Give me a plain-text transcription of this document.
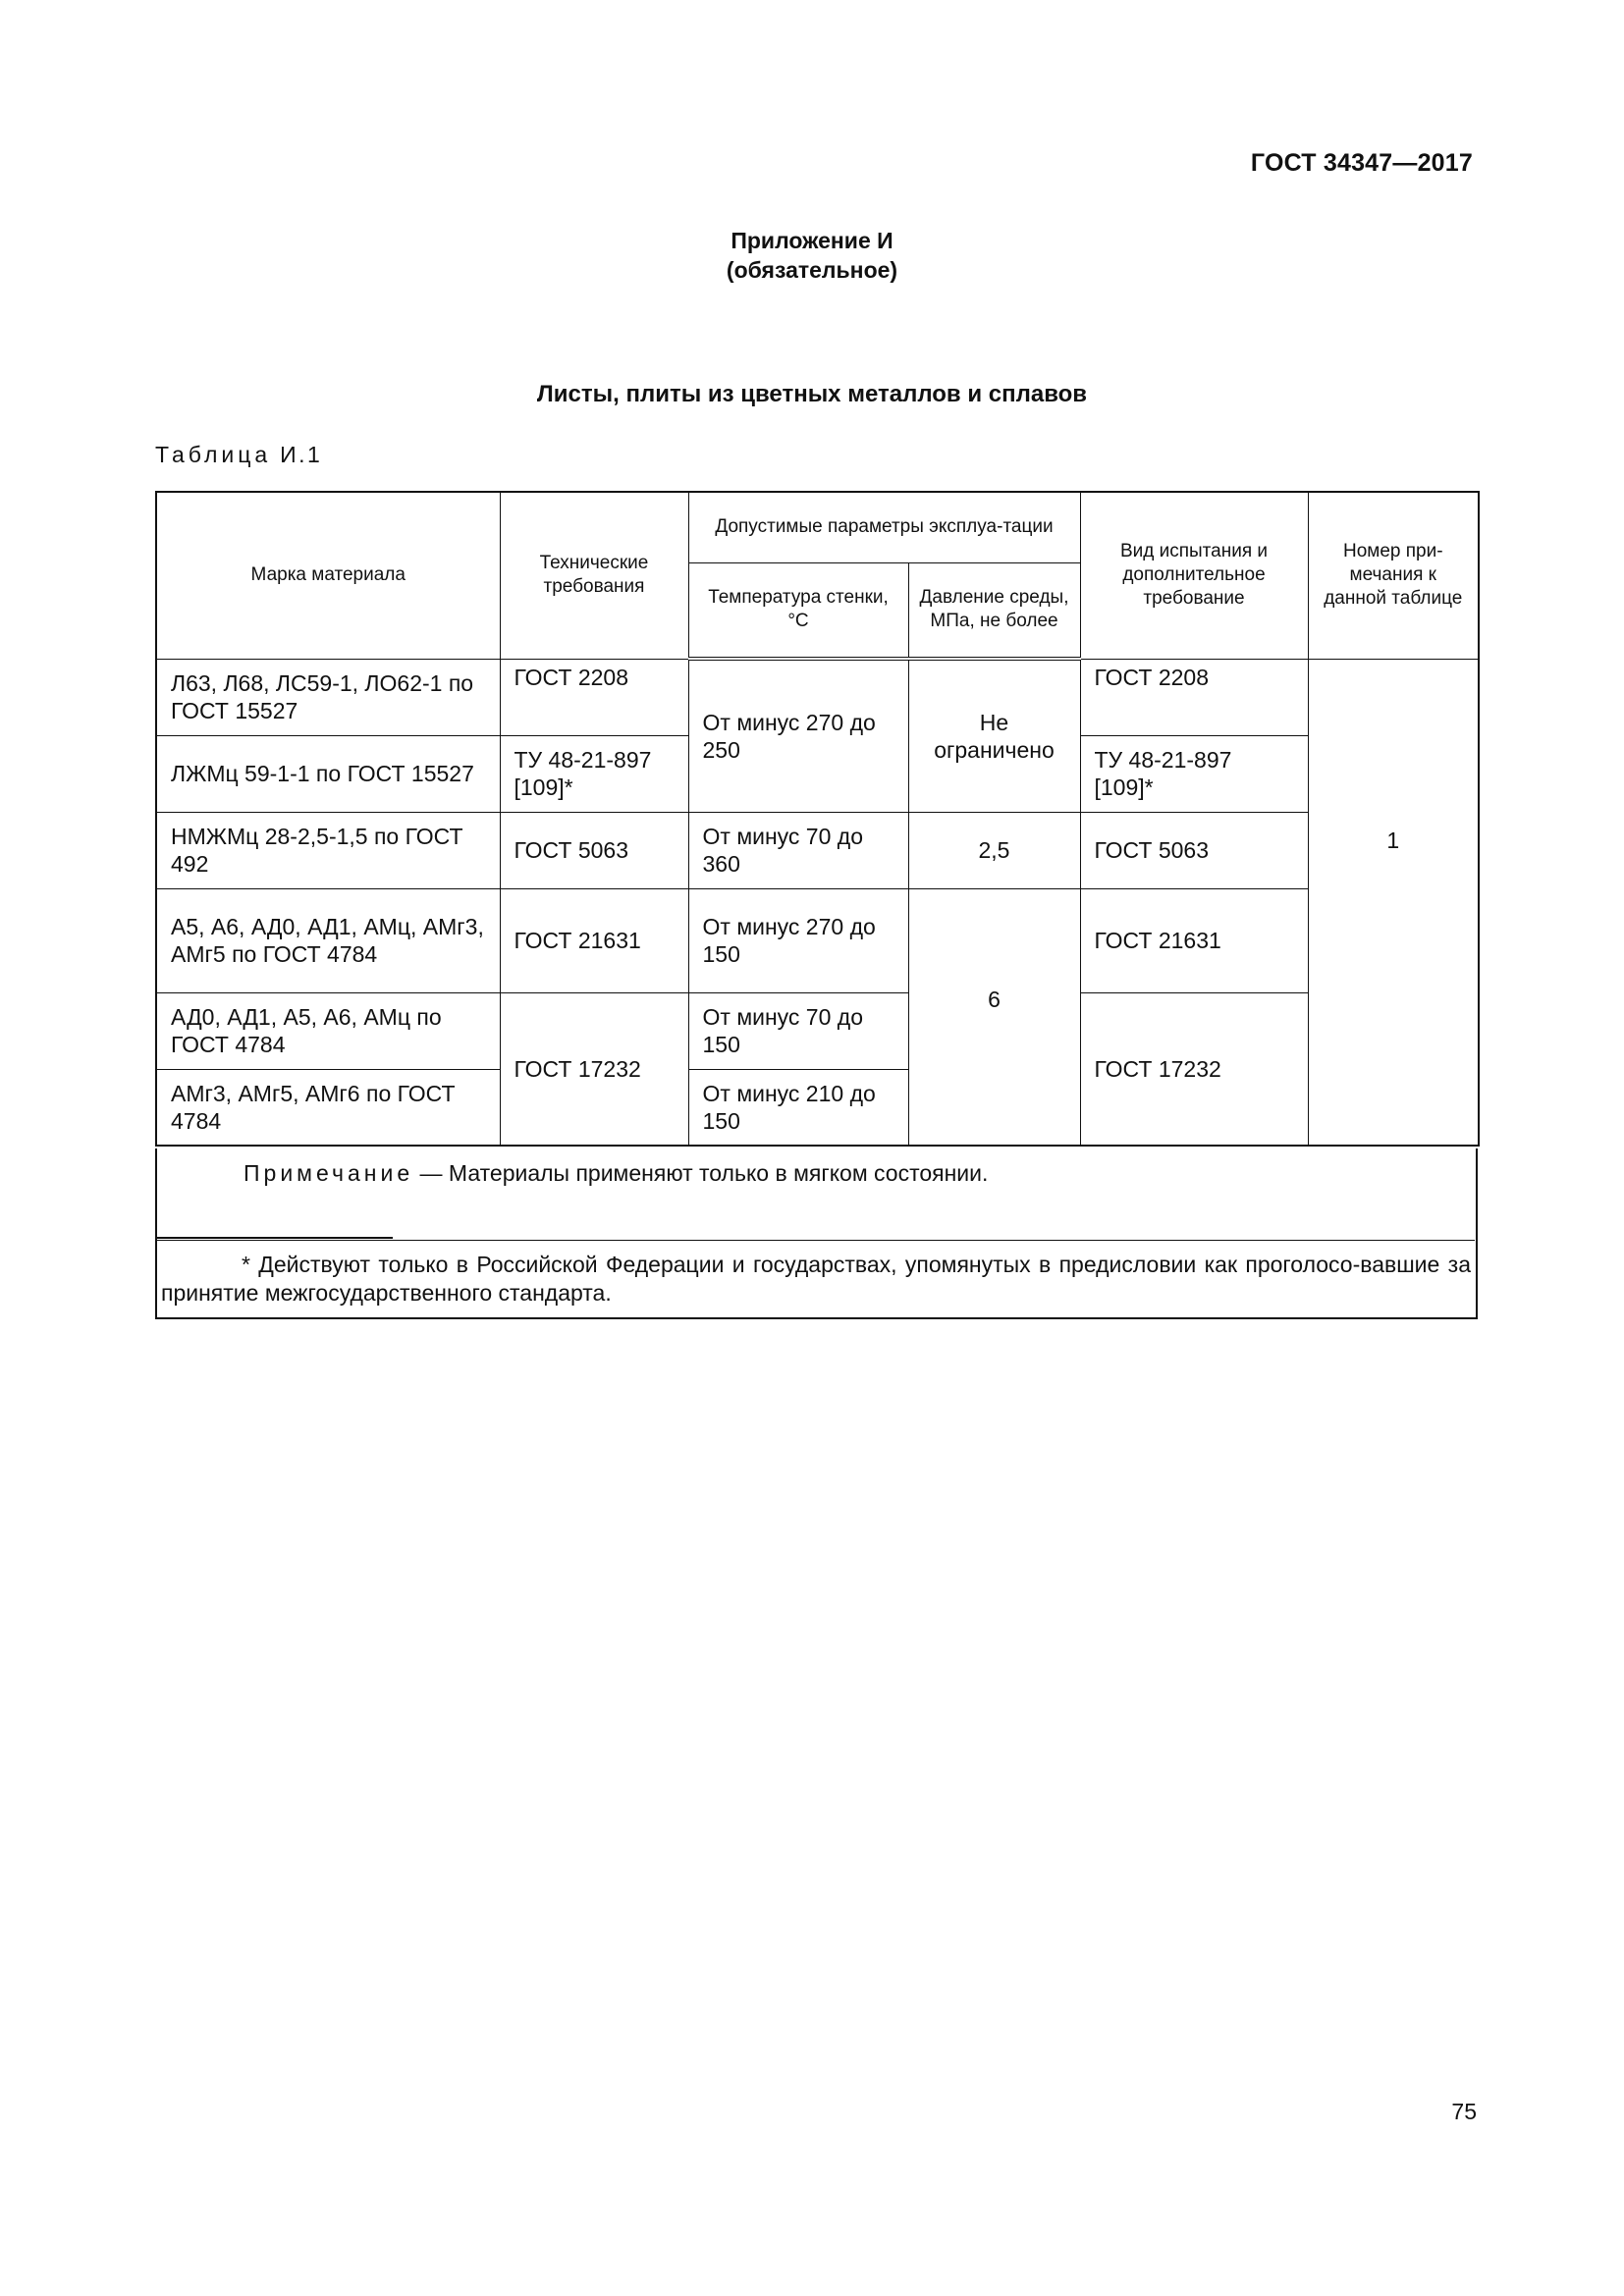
ГОСТ 34347—2017
Приложение И
(обязательное)
Листы, плиты из цветных металлов и сплавов
Таблица И.1
Марка материала	Технические требования	Допустимые параметры эксплуа-тации		Вид испытания и дополнительное требование	Номер при-мечания к данной таблице
		Температура стенки, °С	Давление среды, МПа, не более		
Л63, Л68, ЛС59-1, ЛО62-1 по ГОСТ 15527	ГОСТ 2208	От минус 270 до 250	Не ограничено	ГОСТ 2208	1
ЛЖМц 59-1-1 по ГОСТ 15527	ТУ 48-21-897 [109]*			ТУ 48-21-897 [109]*	
НМЖМц 28-2,5-1,5 по ГОСТ 492	ГОСТ 5063	От минус 70 до 360	2,5	ГОСТ 5063	
А5, А6, АД0, АД1, АМц, АМг3, АМг5 по ГОСТ 4784	ГОСТ 21631	От минус 270 до 150	6	ГОСТ 21631	
АД0, АД1, А5, А6, АМц по ГОСТ 4784	ГОСТ 17232	От минус 70 до 150		ГОСТ 17232	
АМг3, АМг5, АМг6 по ГОСТ 4784		От минус 210 до 150			
Примечание — Материалы применяют только в мягком состоянии.
* Действуют только в Российской Федерации и государствах, упомянутых в предисловии как проголосо-вавшие за принятие межгосударственного стандарта.
75
